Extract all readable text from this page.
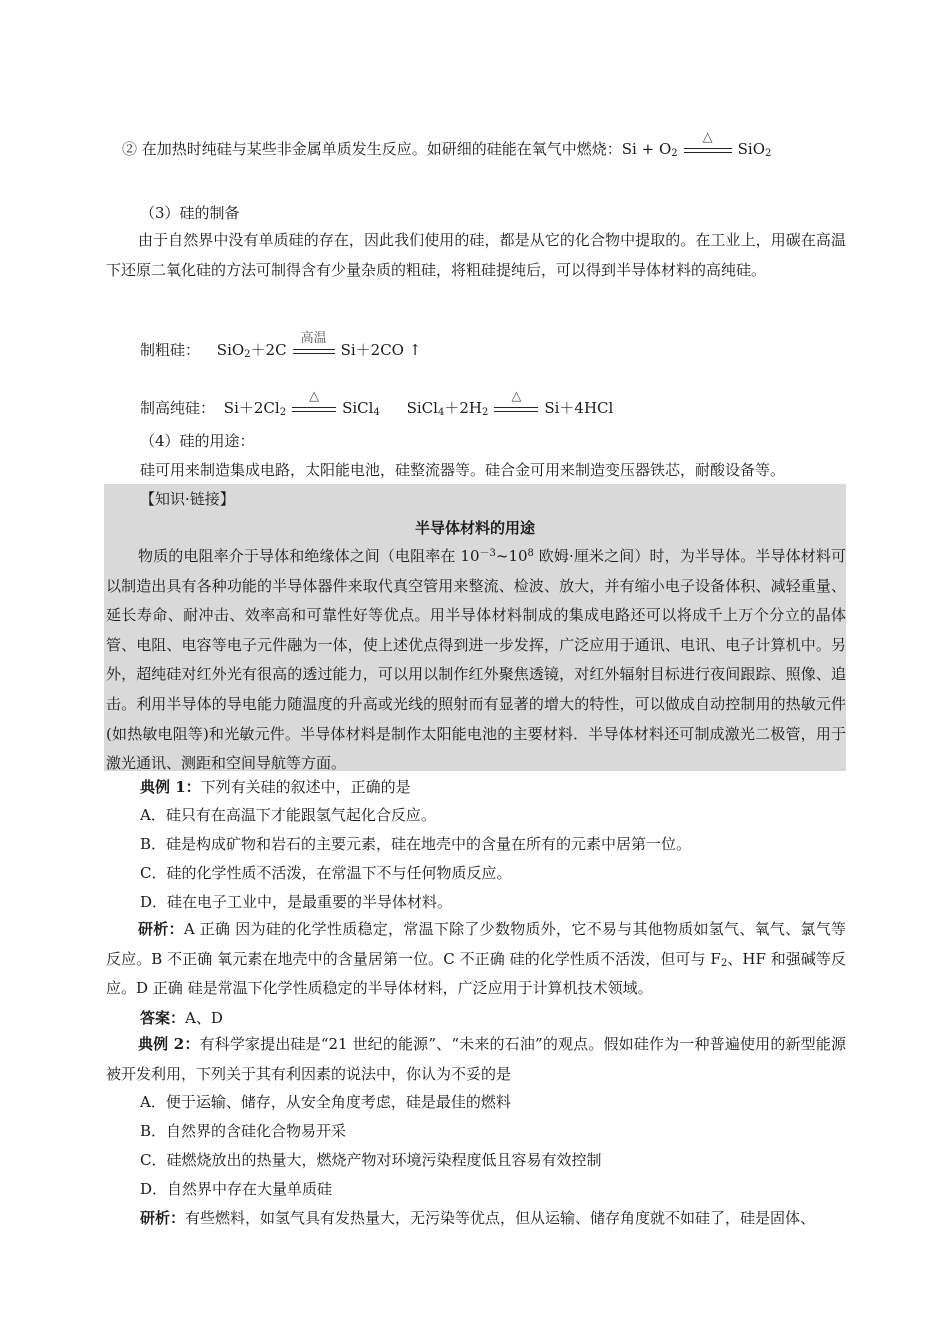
② 在加热时纯硅与某些非金属单质发生反应。如研细的硅能在氧气中燃烧：$Si + O_2$
△
SiO$_2$
（3）硅的制备
由于自然界中没有单质硅的存在，因此我们使用的硅，都是从它的化合物中提取的。在工业上，用碳在高温下还原二氧化硅的方法可制得含有少量杂质的粗硅，将粗硅提纯后，可以得到半导体材料的高纯硅。
制粗硅： SiO$_2$＋2C
高温
Si＋2CO ↑
制高纯硅： $Si+2Cl_2$
△
SiCl$_4$ $SiCl_4+2H_2$
△
Si＋4HCl
（4）硅的用途：
硅可用来制造集成电路，太阳能电池，硅整流器等。硅合金可用来制造变压器铁芯，耐酸设备等。
【知识·链接】
半导体材料的用途
物质的电阻率介于导体和绝缘体之间（电阻率在 $10^{-3}\sim 10^8$ 欧姆·厘米之间）时，为半导体。半导体材料可以制造出具有各种功能的半导体器件来取代真空管用来整流、检波、放大，并有缩小电子设备体积、减轻重量、延长寿命、耐冲击、效率高和可靠性好等优点。用半导体材料制成的集成电路还可以将成千上万个分立的晶体管、电阻、电容等电子元件融为一体，使上述优点得到进一步发挥，广泛应用于通讯、电讯、电子计算机中。另外，超纯硅对红外光有很高的透过能力，可以用以制作红外聚焦透镜，对红外辐射目标进行夜间跟踪、照像、追击。利用半导体的导电能力随温度的升高或光线的照射而有显著的增大的特性，可以做成自动控制用的热敏元件(如热敏电阻等)和光敏元件。半导体材料是制作太阳能电池的主要材料．半导体材料还可制成激光二极管，用于激光通讯、测距和空间导航等方面。
典例 1：下列有关硅的叙述中，正确的是
A．硅只有在高温下才能跟氢气起化合反应。
B．硅是构成矿物和岩石的主要元素，硅在地壳中的含量在所有的元素中居第一位。
C．硅的化学性质不活泼，在常温下不与任何物质反应。
D．硅在电子工业中，是最重要的半导体材料。
研析：A 正确 因为硅的化学性质稳定，常温下除了少数物质外，它不易与其他物质如氢气、氧气、氯气等反应。B 不正确 氧元素在地壳中的含量居第一位。C 不正确 硅的化学性质不活泼，但可与 $F_2$、HF 和强碱等反应。D 正确 硅是常温下化学性质稳定的半导体材料，广泛应用于计算机技术领域。
答案：A、D
典例 2：有科学家提出硅是“21 世纪的能源”、“未来的石油”的观点。假如硅作为一种普遍使用的新型能源被开发利用，下列关于其有利因素的说法中，你认为不妥的是
A．便于运输、储存，从安全角度考虑，硅是最佳的燃料
B．自然界的含硅化合物易开采
C．硅燃烧放出的热量大，燃烧产物对环境污染程度低且容易有效控制
D．自然界中存在大量单质硅
研析：有些燃料，如氢气具有发热量大，无污染等优点，但从运输、储存角度就不如硅了，硅是固体、
